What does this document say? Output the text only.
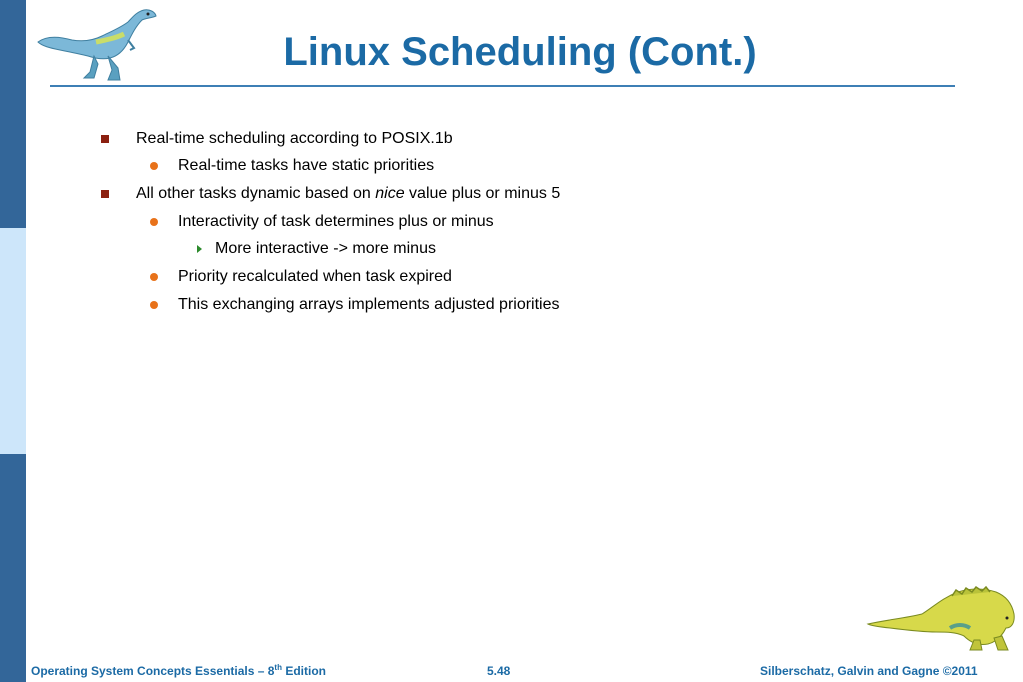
Linux Scheduling (Cont.)
Real-time scheduling according to POSIX.1b
Real-time tasks have static priorities
All other tasks dynamic based on nice value plus or minus 5
Interactivity of task determines plus or minus
More interactive -> more minus
Priority recalculated when task expired
This exchanging arrays implements adjusted priorities
Operating System Concepts Essentials – 8th Edition	5.48	Silberschatz, Galvin and Gagne ©2011
